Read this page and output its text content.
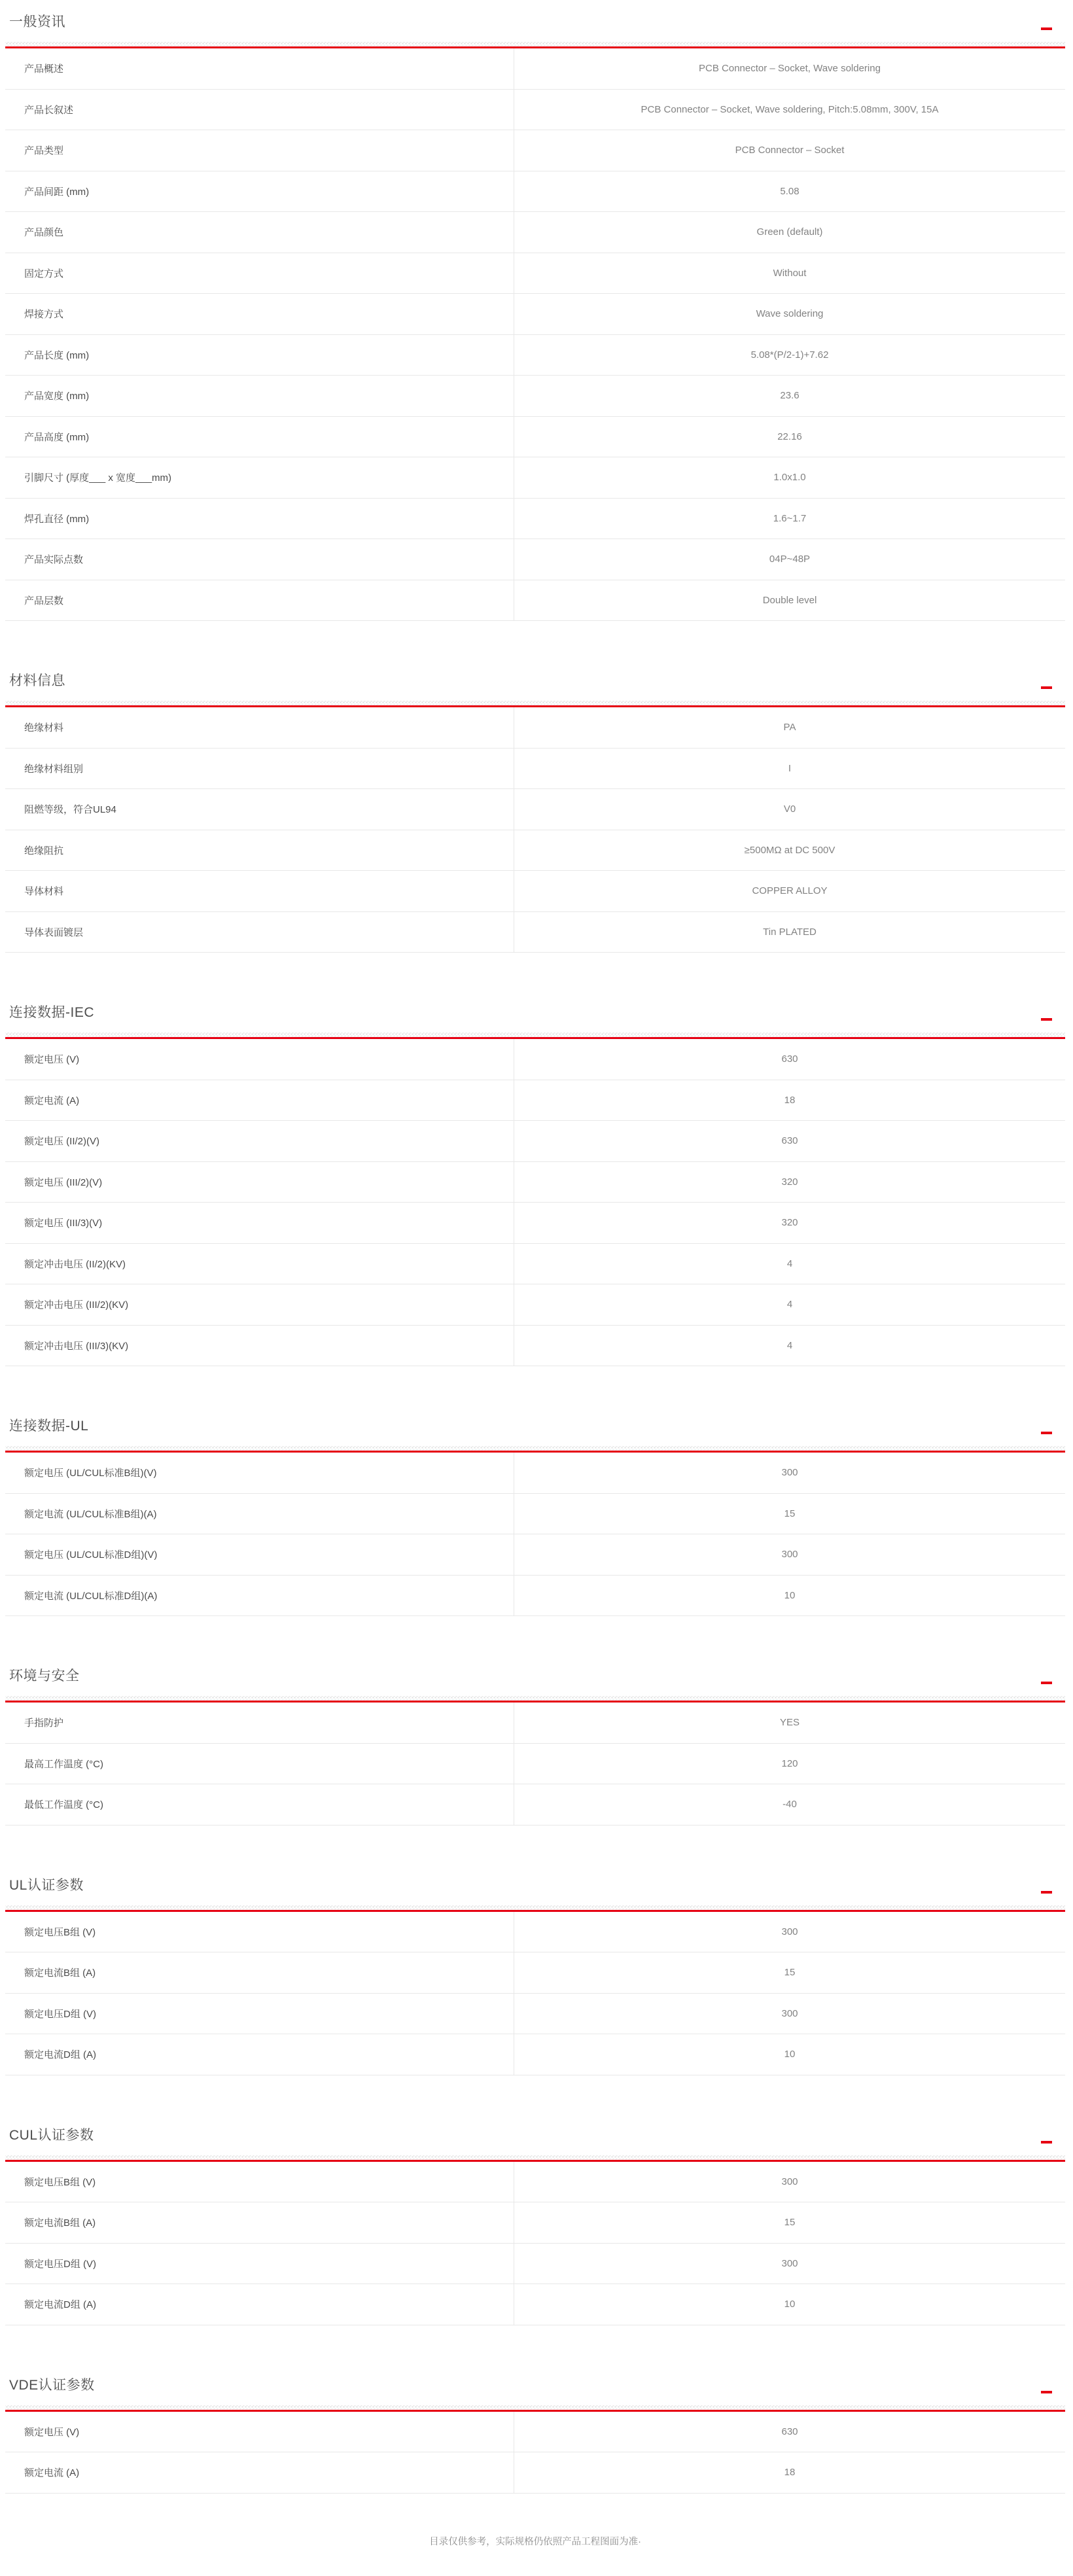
一般资讯
产品概述	PCB Connector – Socket, Wave soldering
产品长叙述	PCB Connector – Socket, Wave soldering, Pitch:5.08mm, 300V, 15A
产品类型	PCB Connector – Socket
产品间距 (mm)	5.08
产品颜色	Green (default)
固定方式	Without
焊接方式	Wave soldering
产品长度 (mm)	5.08*(P/2-1)+7.62
产品宽度 (mm)	23.6
产品高度 (mm)	22.16
引脚尺寸 (厚度___ x 宽度___mm)	1.0x1.0
焊孔直径 (mm)	1.6~1.7
产品实际点数	04P~48P
产品层数	Double level
材料信息
绝缘材料	PA
绝缘材料组别	I
阻燃等级，符合UL94	V0
绝缘阻抗	≥500MΩ at DC 500V
导体材料	COPPER ALLOY
导体表面镀层	Tin PLATED
连接数据-IEC
额定电压 (V)	630
额定电流 (A)	18
额定电压 (II/2)(V)	630
额定电压 (III/2)(V)	320
额定电压 (III/3)(V)	320
额定冲击电压 (II/2)(KV)	4
额定冲击电压 (III/2)(KV)	4
额定冲击电压 (III/3)(KV)	4
连接数据-UL
额定电压 (UL/CUL标准B组)(V)	300
额定电流 (UL/CUL标准B组)(A)	15
额定电压 (UL/CUL标准D组)(V)	300
额定电流 (UL/CUL标准D组)(A)	10
环境与安全
手指防护	YES
最高工作温度 (°C)	120
最低工作温度 (°C)	-40
UL认证参数
额定电压B组 (V)	300
额定电流B组 (A)	15
额定电压D组 (V)	300
额定电流D组 (A)	10
CUL认证参数
额定电压B组 (V)	300
额定电流B组 (A)	15
额定电压D组 (V)	300
额定电流D组 (A)	10
VDE认证参数
额定电压 (V)	630
额定电流 (A)	18
目录仅供参考，实际规格仍依照产品工程图面为准·
